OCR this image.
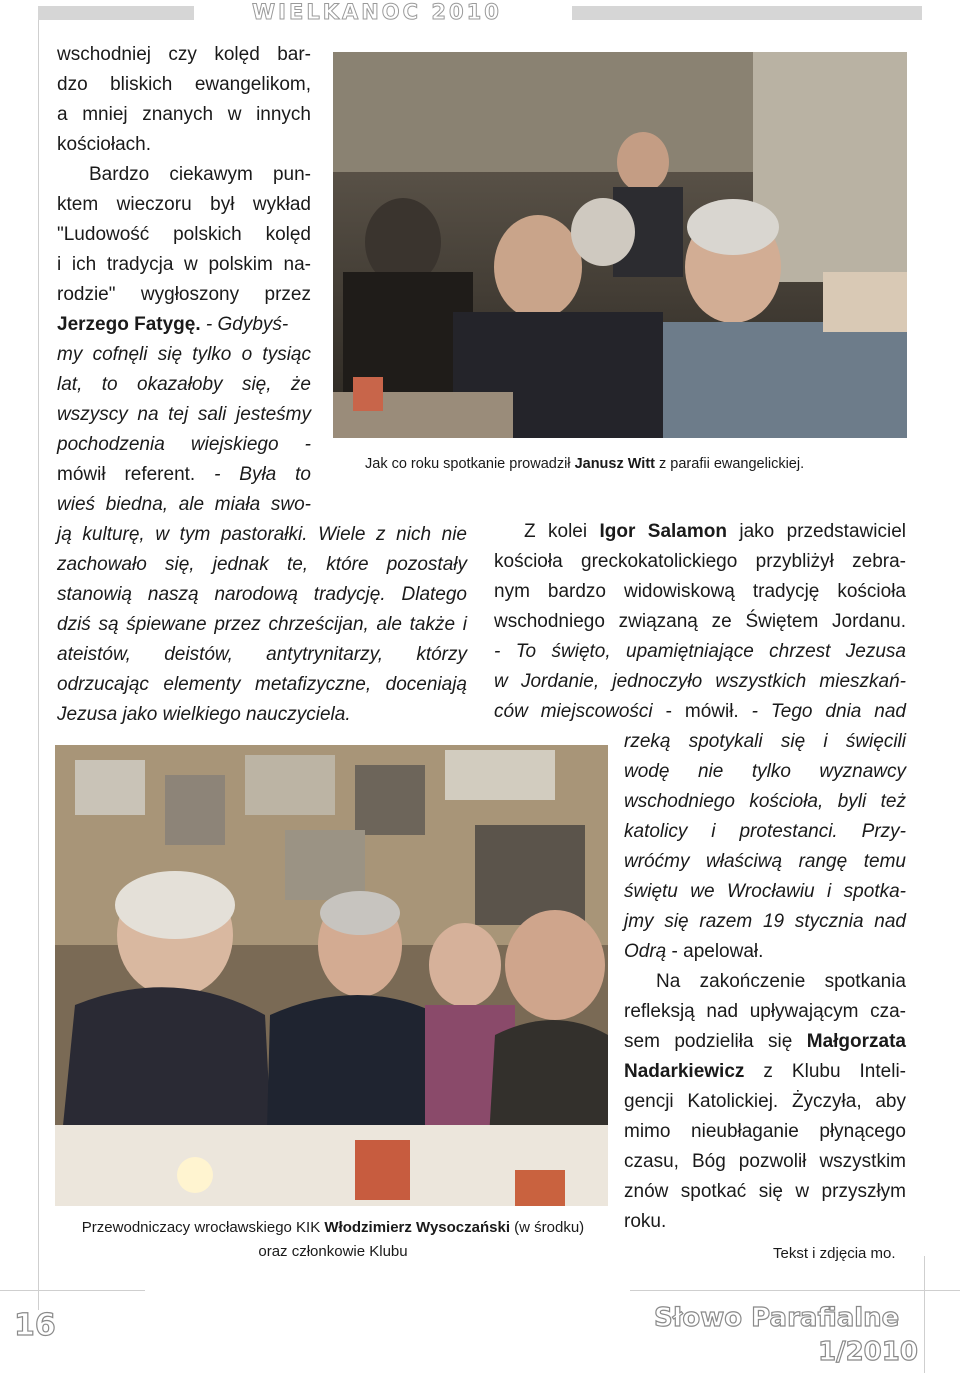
WIELKANOC 2010
wschodniej czy kolęd bar-
dzo bliskich ewangelikom,
a mniej znanych w innych
kościołach.
Bardzo ciekawym pun-
ktem wieczoru był wykład
"Ludowość polskich kolęd
i ich tradycja w polskim na-
rodzie" wygłoszony przez
Jerzego Fatygę. - Gdybyś-
my cofnęli się tylko o tysiąc
lat, to okazałoby się, że
wszyscy na tej sali jesteśmy
pochodzenia wiejskiego -
mówił referent. - Była to
wieś biedna, ale miała swo-
ją kulturę, w tym pastorałki. Wiele z nich nie
zachowało się, jednak te, które pozostały
stanowią naszą narodową tradycję. Dlatego
dziś są śpiewane przez chrześcijan, ale także i
ateistów, deistów, antytrynitarzy, którzy
odrzucając elementy metafizyczne, doceniają
Jezusa jako wielkiego nauczyciela.
Jak co roku spotkanie prowadził Janusz Witt z parafii ewangelickiej.
Z kolei Igor Salamon jako przedstawiciel
kościoła greckokatolickiego przybliżył zebra-
nym bardzo widowiskową tradycję kościoła
wschodniego związaną ze Świętem Jordanu.
- To święto, upamiętniające chrzest Jezusa
w Jordanie, jednoczyło wszystkich mieszkań-
ców miejscowości - mówił. - Tego dnia nad
rzeką spotykali się i święcili
wodę nie tylko wyznawcy
wschodniego kościoła, byli też
katolicy i protestanci. Przy-
wróćmy właściwą rangę temu
świętu we Wrocławiu i spotka-
jmy się razem 19 stycznia nad
Odrą - apelował.
Na zakończenie spotkania
refleksją nad upływającym cza-
sem podzieliła się Małgorzata
Nadarkiewicz z Klubu Inteli-
gencji Katolickiej. Życzyła, aby
mimo nieubłaganie płynącego
czasu, Bóg pozwolił wszystkim
znów spotkać się w przyszłym
roku.
Przewodniczacy wrocławskiego KIK Włodzimierz Wysoczański (w środku)
oraz członkowie Klubu	Tekst i zdjęcia mo.
16	Słowo Parafialne
1/2010
